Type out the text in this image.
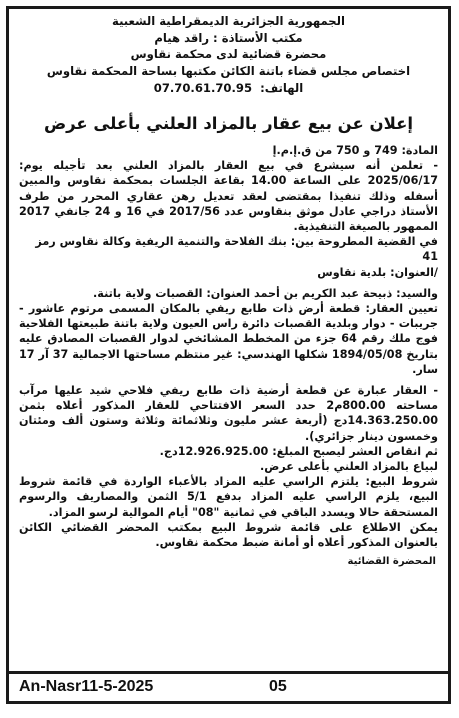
الجمهورية الجزائرية الديمقراطية الشعبية
مكتب الأستاذة : راقد هيام
محضرة قضائية لدى محكمة نقاوس
اختصاص مجلس قضاء باتنة الكائن مكتبها بساحة المحكمة نقاوس
الهاتف: 07.70.61.70.95
إعلان عن بيع عقار بالمزاد العلني بأعلى عرض

المادة: 749 و 750 من ق.إ.م.إ

- تعلمن أنه سيشرع في بيع العقار بالمزاد العلني بعد تأجيله يوم: 2025/06/17 على الساعة 14.00 بقاعة الجلسات بمحكمة نقاوس والمبين أسفله وذلك تنفيذا بمقتضى لعقد تعديل رهن عقاري المحرر من طرف الأستاذ دراجي عادل موثق بنقاوس عدد 2017/56 في 16 و 24 جانفي 2017 الممهور بالصيغة التنفيذية.

في القضية المطروحة بين: بنك الفلاحة والتنمية الريفية وكالة نقاوس رمز 41

/العنوان: بلدية نقاوس

والسيد: ذبيحة عبد الكريم بن أحمد العنوان: القصبات ولاية باتنة.

تعيين العقار: قطعة أرض ذات طابع ريفي بالمكان المسمى مرتوم عاشور - جريبات - دوار وبلدية القصبات دائرة راس العيون ولاية باتنة طبيعتها الفلاحية فوج ملك رقم 64 جزء من المخطط المشائخي لدوار القصبات المصادق عليه بتاريخ 1894/05/08 شكلها الهندسي: غير منتظم مساحتها الاجمالية 37 آر 17 سار.

- العقار عبارة عن قطعة أرضية ذات طابع ريفي فلاحي شيد عليها مرآب مساحته 800.00م2 حدد السعر الافتتاحي للعقار المذكور أعلاه بثمن 14.363.250.00دج (أربعة عشر مليون وثلاثمائة وثلاثة وستون ألف ومئتان وخمسون دينار جزائري).

ثم انقاص العشر ليصبح المبلغ: 12.926.925.00دج.

لبياع بالمزاد العلني بأعلى عرض.

شروط البيع: يلتزم الراسي عليه المزاد بالأعباء الواردة في قائمة شروط البيع، يلزم الراسي عليه المزاد بدفع 5/1 الثمن والمصاريف والرسوم المستحقة حالا ويسدد الباقي في ثمانية "08" أيام الموالية لرسو المزاد.

يمكن الاطلاع على قائمة شروط البيع بمكتب المحضر القضائي الكائن بالعنوان المذكور أعلاه أو أمانة ضبط محكمة نقاوس.

المحضرة القضائية
An-Nasr11-5-2025	05
